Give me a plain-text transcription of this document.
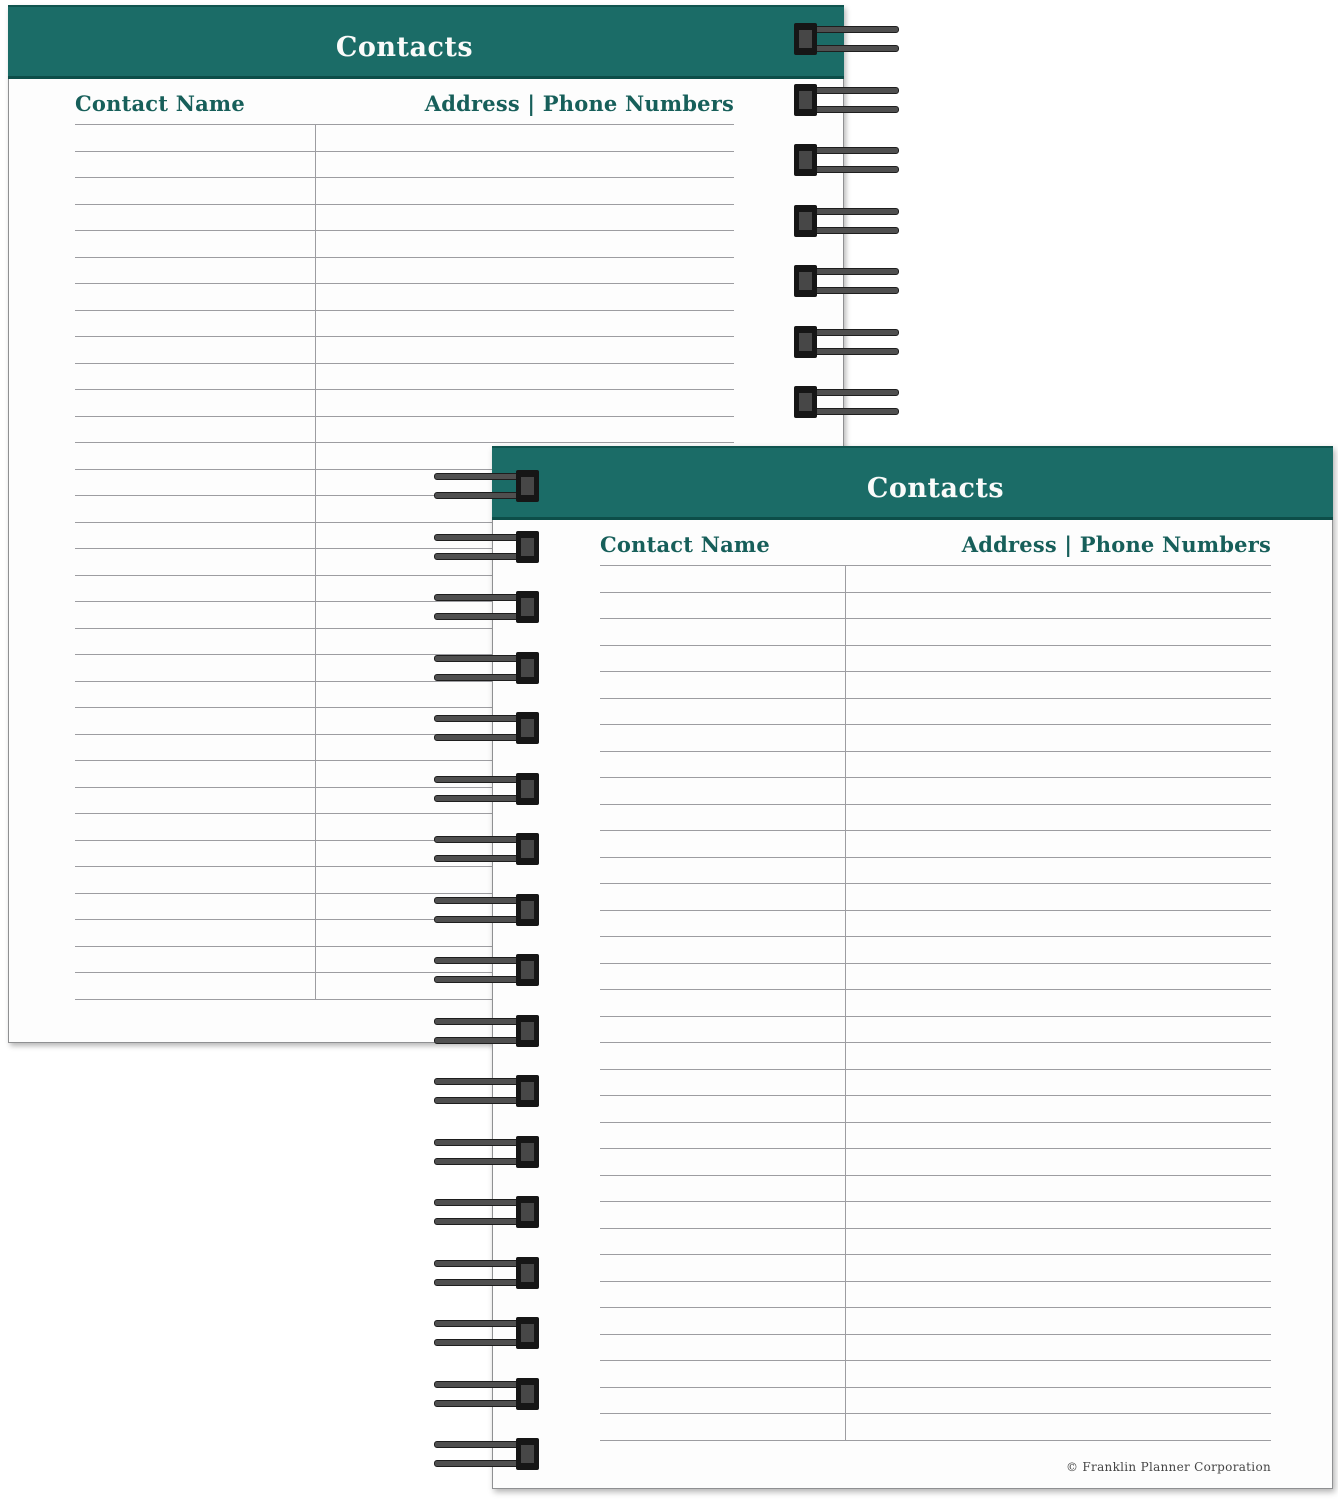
Contacts
Contact Name	Address | Phone Numbers
Contacts
Contact Name	Address | Phone Numbers
© Franklin Planner Corporation
